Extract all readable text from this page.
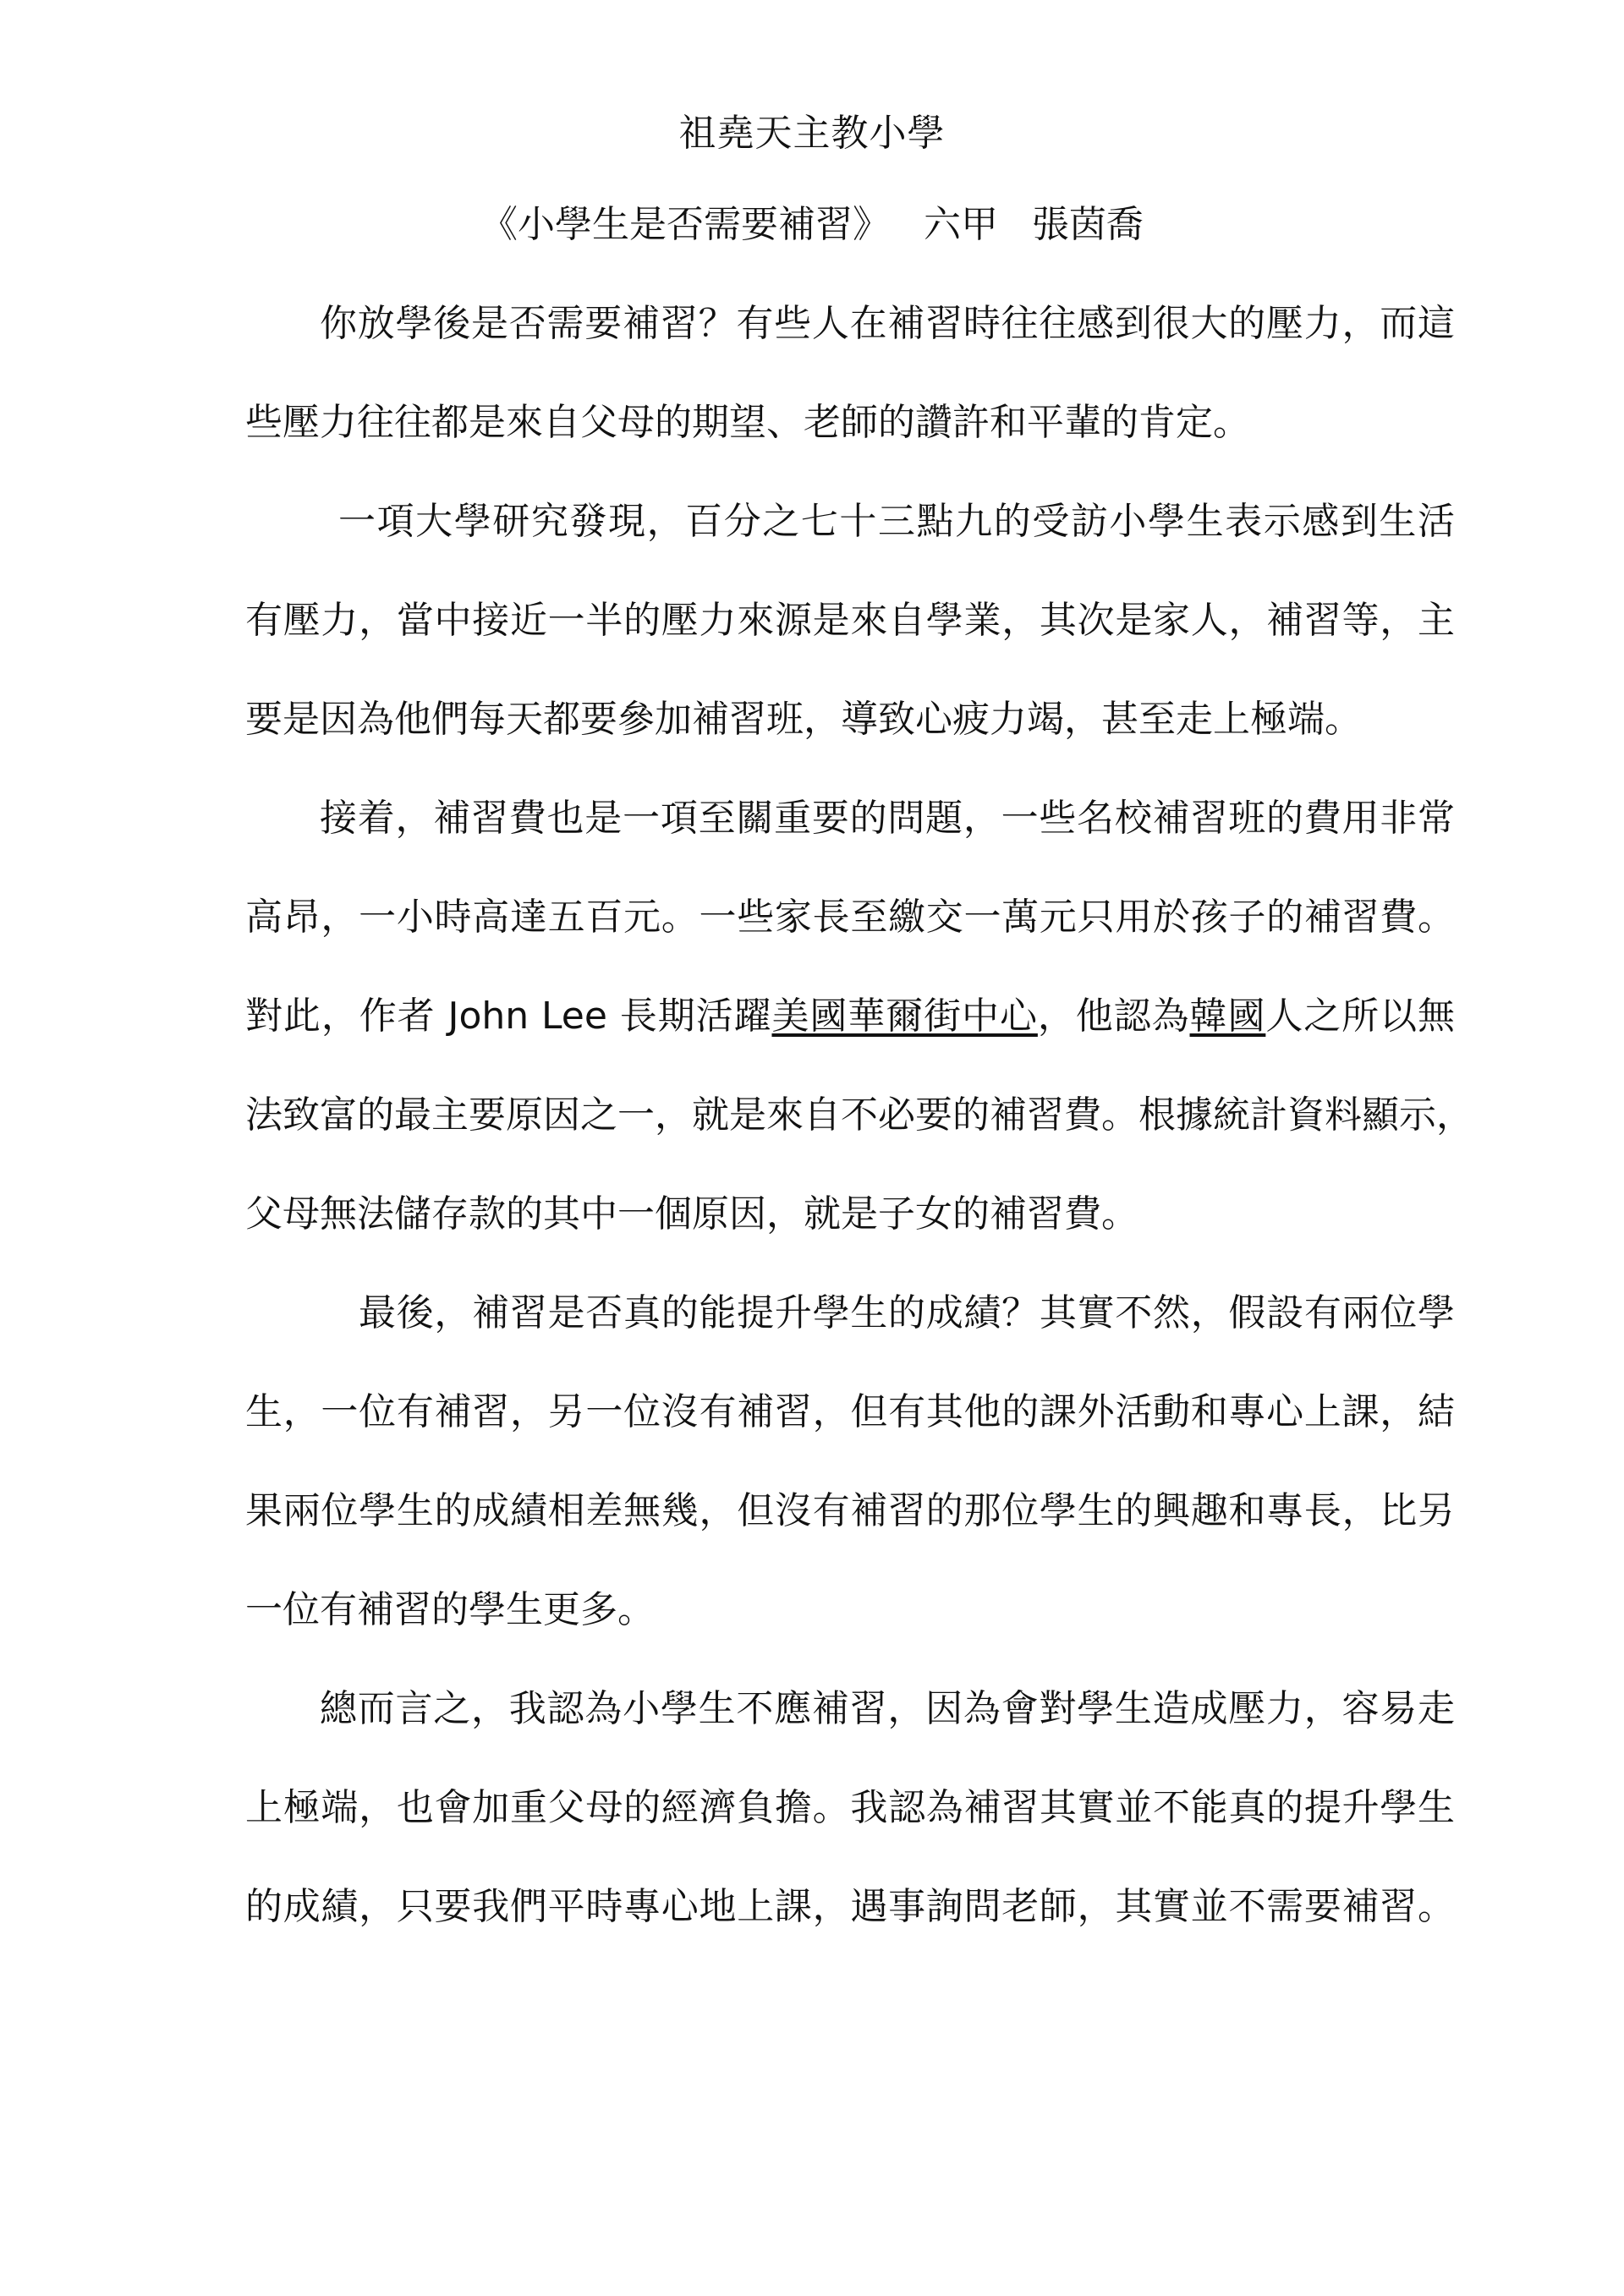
祖堯天主教小學
《小學生是否需要補習》 六甲 張茵喬

你放學後是否需要補習？有些人在補習時往往感到很大的壓力，而這

些壓力往往都是來自父母的期望、老師的讚許和平輩的肯定。

一項大學研究發現，百分之七十三點九的受訪小學生表示感到生活

有壓力，當中接近一半的壓力來源是來自學業，其次是家人，補習等，主

要是因為他們每天都要參加補習班，導致心疲力竭，甚至走上極端。

接着，補習費也是一項至關重要的問題，一些名校補習班的費用非常

高昂，一小時高達五百元。一些家長至繳交一萬元只用於孩子的補習費。

對此，作者 John Lee 長期活躍美國華爾街中心，他認為韓國人之所以無

法致富的最主要原因之一，就是來自不必要的補習費。根據統計資料顯示，

父母無法儲存款的其中一個原因，就是子女的補習費。

最後，補習是否真的能提升學生的成績？其實不然，假設有兩位學

生，一位有補習，另一位沒有補習，但有其他的課外活動和專心上課，結

果兩位學生的成績相差無幾，但沒有補習的那位學生的興趣和專長，比另

一位有補習的學生更多。

總而言之，我認為小學生不應補習，因為會對學生造成壓力，容易走

上極端，也會加重父母的經濟負擔。我認為補習其實並不能真的提升學生

的成績，只要我們平時專心地上課，遇事詢問老師，其實並不需要補習。
